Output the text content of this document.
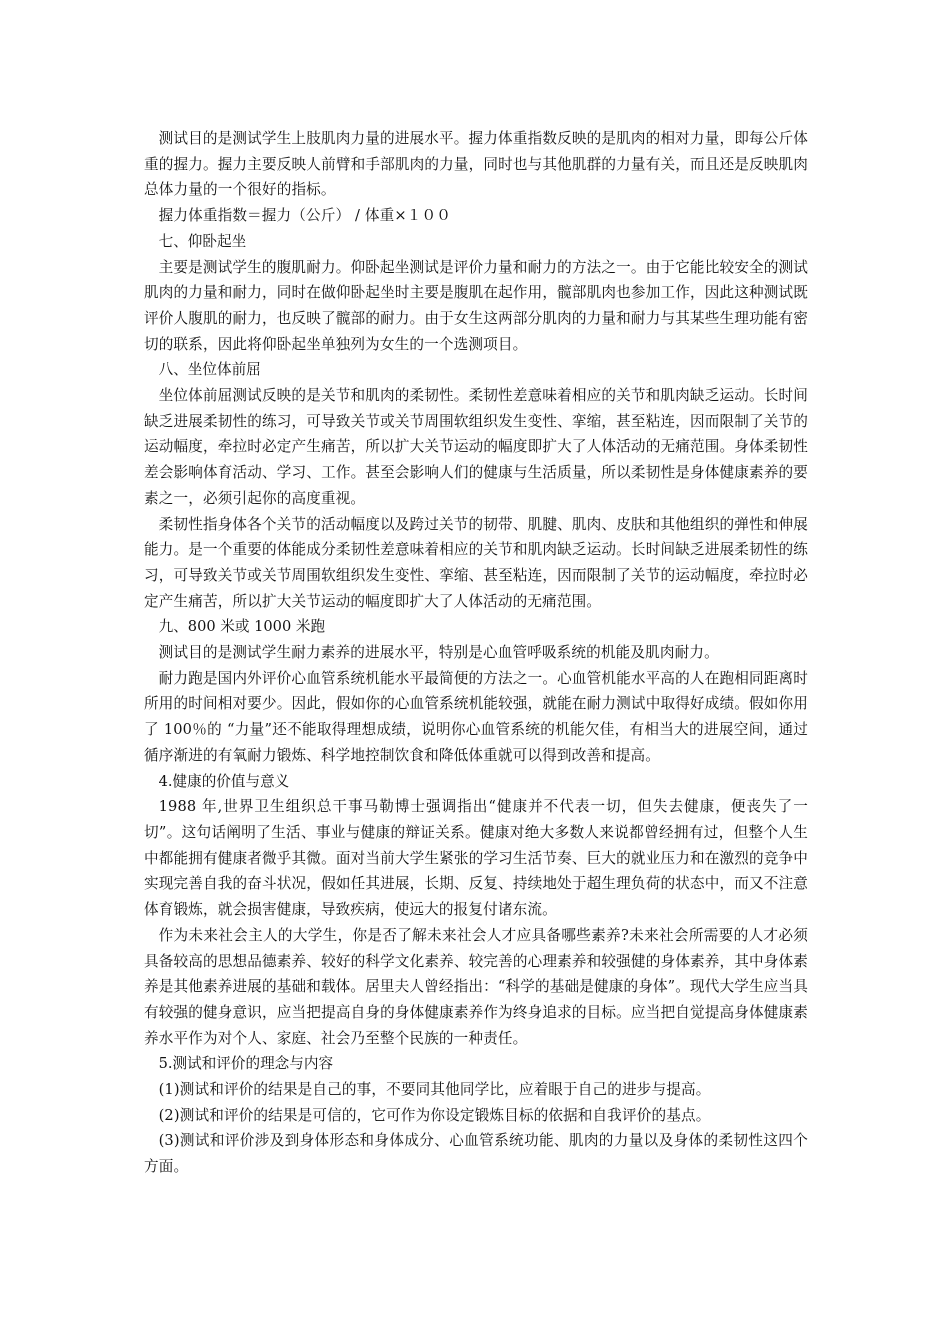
测试目的是测试学生上肢肌肉力量的进展水平。握力体重指数反映的是肌肉的相对力量，即每公斤体重的握力。握力主要反映人前臂和手部肌肉的力量，同时也与其他肌群的力量有关，而且还是反映肌肉总体力量的一个很好的指标。

握力体重指数＝握力（公斤） / 体重×１００

七、仰卧起坐

主要是测试学生的腹肌耐力。仰卧起坐测试是评价力量和耐力的方法之一。由于它能比较安全的测试肌肉的力量和耐力，同时在做仰卧起坐时主要是腹肌在起作用，髋部肌肉也参加工作，因此这种测试既评价人腹肌的耐力，也反映了髋部的耐力。由于女生这两部分肌肉的力量和耐力与其某些生理功能有密切的联系，因此将仰卧起坐单独列为女生的一个选测项目。

八、坐位体前屈

坐位体前屈测试反映的是关节和肌肉的柔韧性。柔韧性差意味着相应的关节和肌肉缺乏运动。长时间缺乏进展柔韧性的练习，可导致关节或关节周围软组织发生变性、挛缩，甚至粘连，因而限制了关节的运动幅度，牵拉时必定产生痛苦，所以扩大关节运动的幅度即扩大了人体活动的无痛范围。身体柔韧性差会影响体育活动、学习、工作。甚至会影响人们的健康与生活质量，所以柔韧性是身体健康素养的要素之一，必须引起你的高度重视。

柔韧性指身体各个关节的活动幅度以及跨过关节的韧带、肌腱、肌肉、皮肤和其他组织的弹性和伸展能力。是一个重要的体能成分柔韧性差意味着相应的关节和肌肉缺乏运动。长时间缺乏进展柔韧性的练习，可导致关节或关节周围软组织发生变性、挛缩、甚至粘连，因而限制了关节的运动幅度，牵拉时必定产生痛苦，所以扩大关节运动的幅度即扩大了人体活动的无痛范围。

九、800 米或 1000 米跑

测试目的是测试学生耐力素养的进展水平，特别是心血管呼吸系统的机能及肌肉耐力。

耐力跑是国内外评价心血管系统机能水平最简便的方法之一。心血管机能水平高的人在跑相同距离时所用的时间相对要少。因此，假如你的心血管系统机能较强，就能在耐力测试中取得好成绩。假如你用了 100％的 “力量”还不能取得理想成绩，说明你心血管系统的机能欠佳，有相当大的进展空间，通过循序渐进的有氧耐力锻炼、科学地控制饮食和降低体重就可以得到改善和提高。

4.健康的价值与意义

1988 年,世界卫生组织总干事马勒博士强调指出“健康并不代表一切，但失去健康，便丧失了一切”。这句话阐明了生活、事业与健康的辩证关系。健康对绝大多数人来说都曾经拥有过，但整个人生中都能拥有健康者微乎其微。面对当前大学生紧张的学习生活节奏、巨大的就业压力和在激烈的竞争中实现完善自我的奋斗状况，假如任其进展，长期、反复、持续地处于超生理负荷的状态中，而又不注意体育锻炼，就会损害健康，导致疾病，使远大的报复付诸东流。

作为未来社会主人的大学生，你是否了解未来社会人才应具备哪些素养?未来社会所需要的人才必须具备较高的思想品德素养、较好的科学文化素养、较完善的心理素养和较强健的身体素养，其中身体素养是其他素养进展的基础和载体。居里夫人曾经指出：“科学的基础是健康的身体”。现代大学生应当具有较强的健身意识，应当把提高自身的身体健康素养作为终身追求的目标。应当把自觉提高身体健康素养水平作为对个人、家庭、社会乃至整个民族的一种责任。

5.测试和评价的理念与内容

(1)测试和评价的结果是自己的事，不要同其他同学比，应着眼于自己的进步与提高。

(2)测试和评价的结果是可信的，它可作为你设定锻炼目标的依据和自我评价的基点。

(3)测试和评价涉及到身体形态和身体成分、心血管系统功能、肌肉的力量以及身体的柔韧性这四个方面。
